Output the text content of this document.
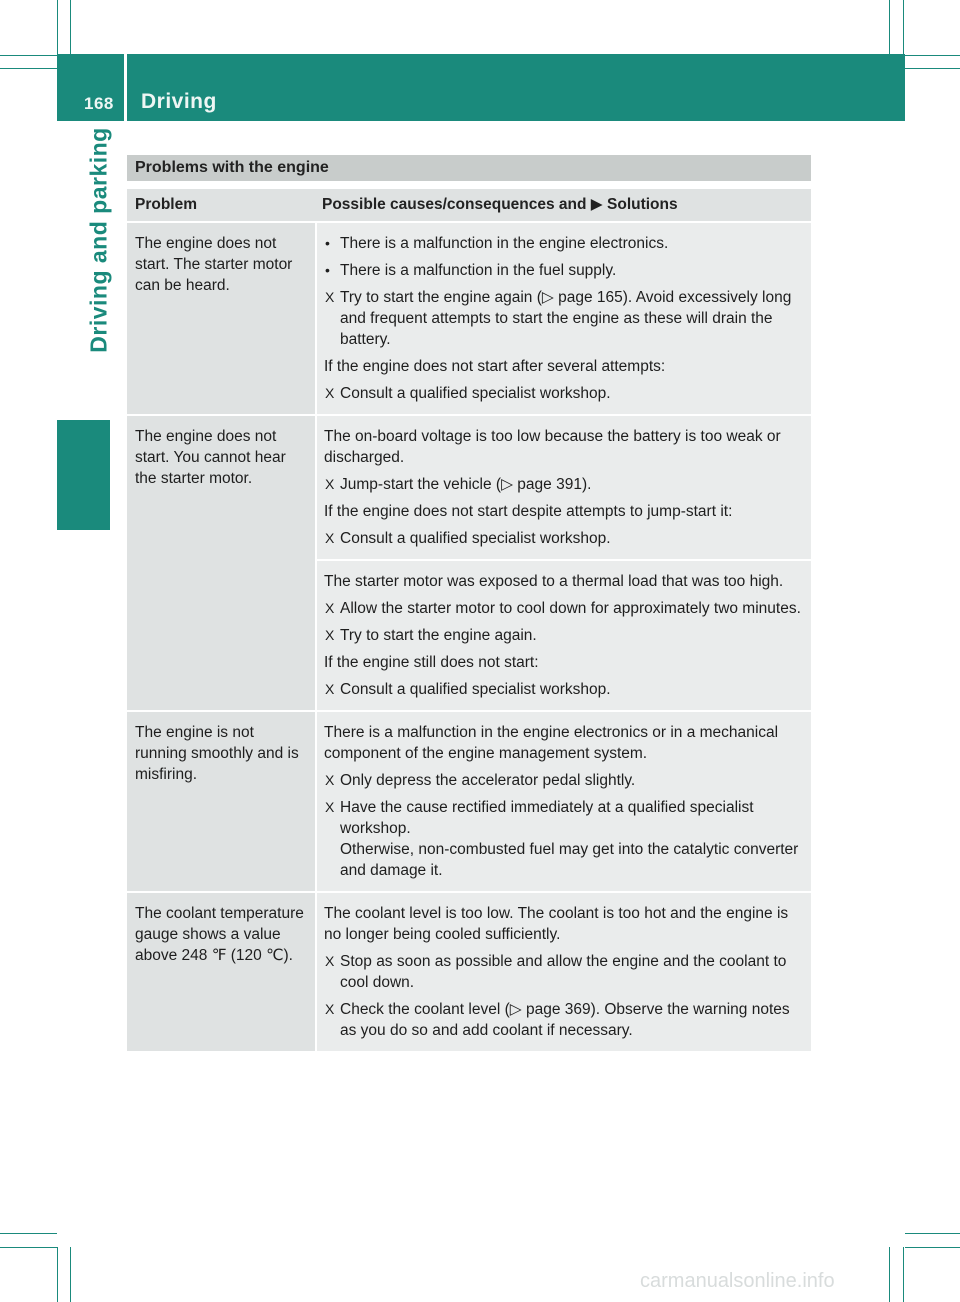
168 Driving
Driving and parking	Problems with the engine
Problem	Possible causes/consequences and ▶ Solutions
The engine does not start. The starter motor can be heard.
• There is a malfunction in the engine electronics.
• There is a malfunction in the fuel supply.
X Try to start the engine again (▷ page 165). Avoid excessively long and frequent attempts to start the engine as these will drain the battery.
If the engine does not start after several attempts:
X Consult a qualified specialist workshop.
The engine does not start. You cannot hear the starter motor.
The on-board voltage is too low because the battery is too weak or discharged.
X Jump-start the vehicle (▷ page 391).
If the engine does not start despite attempts to jump-start it:
X Consult a qualified specialist workshop.
The starter motor was exposed to a thermal load that was too high.
X Allow the starter motor to cool down for approximately two minutes.
X Try to start the engine again.
If the engine still does not start:
X Consult a qualified specialist workshop.
The engine is not running smoothly and is misfiring.
There is a malfunction in the engine electronics or in a mechanical component of the engine management system.
X Only depress the accelerator pedal slightly.
X Have the cause rectified immediately at a qualified specialist workshop.
Otherwise, non-combusted fuel may get into the catalytic converter and damage it.
The coolant temperature gauge shows a value above 248 ℉ (120 ℃).
The coolant level is too low. The coolant is too hot and the engine is no longer being cooled sufficiently.
X Stop as soon as possible and allow the engine and the coolant to cool down.
X Check the coolant level (▷ page 369). Observe the warning notes as you do so and add coolant if necessary.
carmanualsonline.info
